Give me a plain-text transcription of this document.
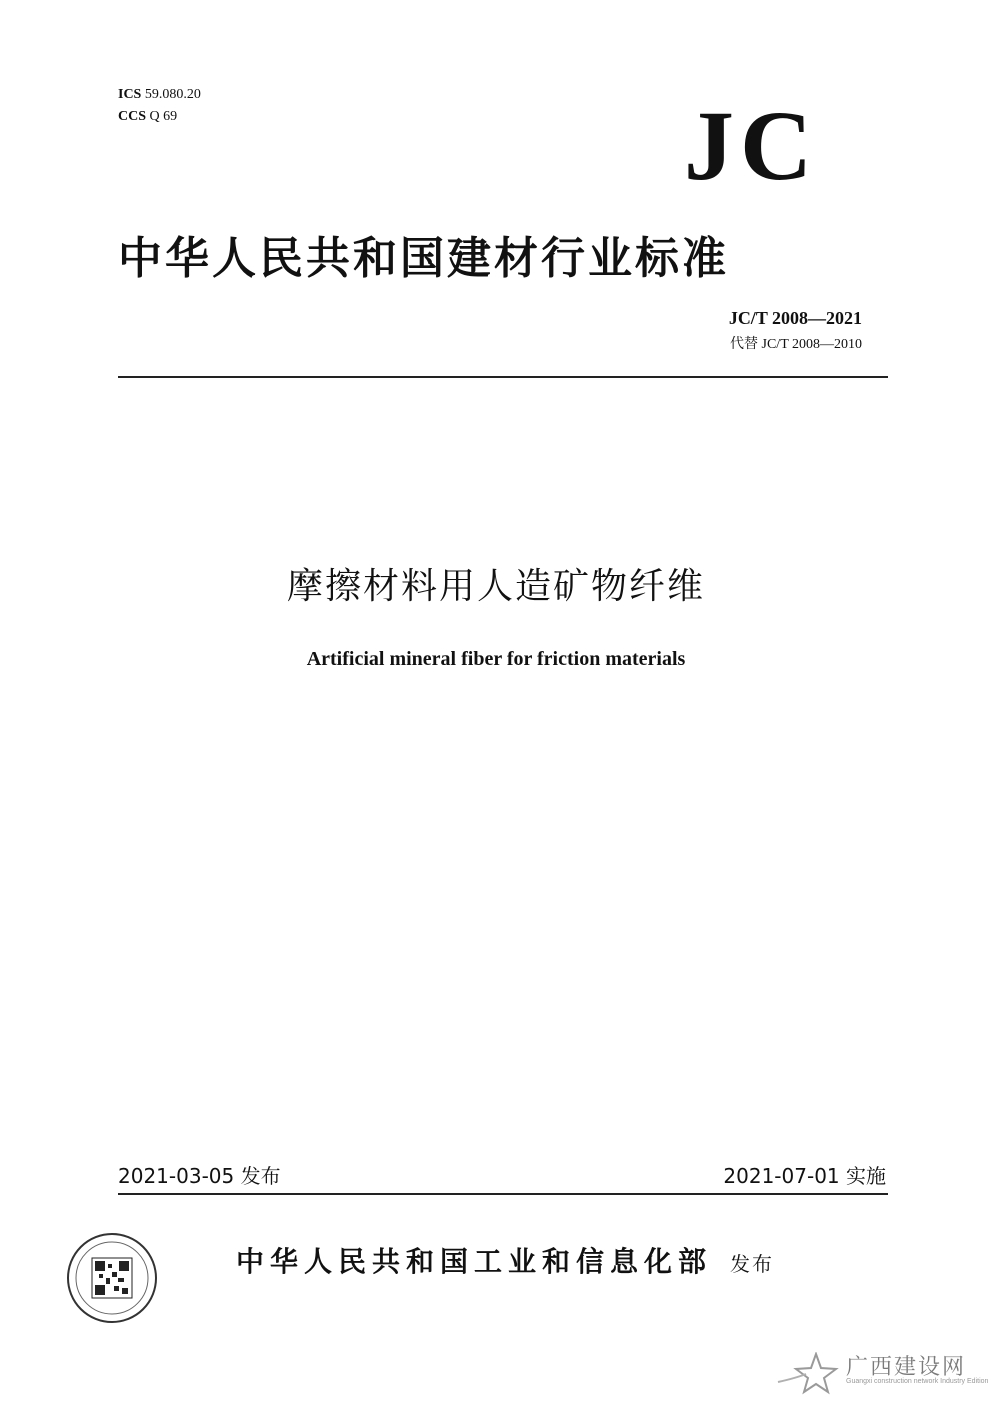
ICS 59.080.20
CCS Q 69	JC
中华人民共和国建材行业标准
JC/T 2008—2021
代替 JC/T 2008—2010
摩擦材料用人造矿物纤维
Artificial mineral fiber for friction materials
2021-03-05 发布	2021-07-01 实施
中华人民共和国工业和信息化部 发布
广西建设网
Guangxi construction network Industry Edition
